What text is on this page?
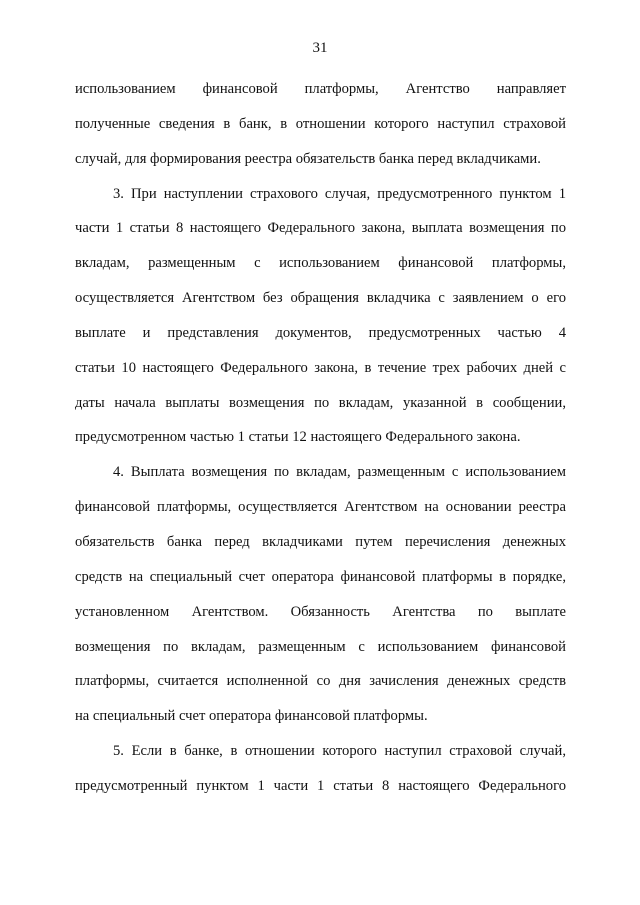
31
использованием финансовой платформы, Агентство направляет
полученные сведения в банк, в отношении которого наступил страховой
случай, для формирования реестра обязательств банка перед вкладчиками.
3. При наступлении страхового случая, предусмотренного пунктом 1
части 1 статьи 8 настоящего Федерального закона, выплата возмещения по
вкладам, размещенным с использованием финансовой платформы,
осуществляется Агентством без обращения вкладчика с заявлением о его
выплате и представления документов, предусмотренных частью 4
статьи 10 настоящего Федерального закона, в течение трех рабочих дней с
даты начала выплаты возмещения по вкладам, указанной в сообщении,
предусмотренном частью 1 статьи 12 настоящего Федерального закона.
4. Выплата возмещения по вкладам, размещенным с использованием
финансовой платформы, осуществляется Агентством на основании реестра
обязательств банка перед вкладчиками путем перечисления денежных
средств на специальный счет оператора финансовой платформы в порядке,
установленном Агентством. Обязанность Агентства по выплате
возмещения по вкладам, размещенным с использованием финансовой
платформы, считается исполненной со дня зачисления денежных средств
на специальный счет оператора финансовой платформы.
5. Если в банке, в отношении которого наступил страховой случай,
предусмотренный пунктом 1 части 1 статьи 8 настоящего Федерального
